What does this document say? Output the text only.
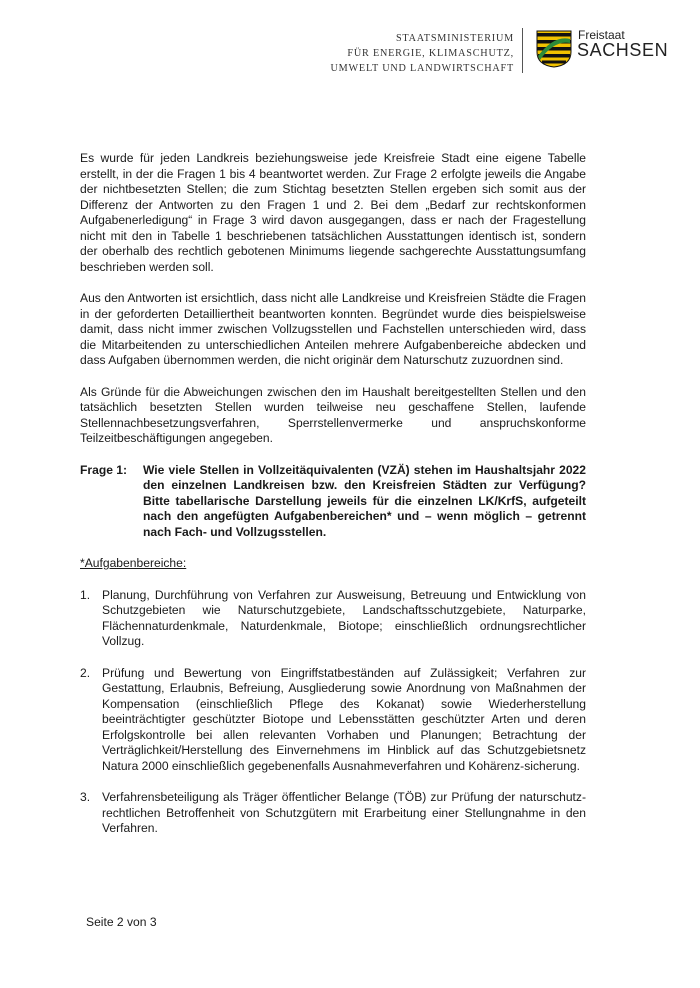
STAATSMINISTERIUM
FÜR ENERGIE, KLIMASCHUTZ,
UMWELT UND LANDWIRTSCHAFT
Freistaat
SACHSEN

Es wurde für jeden Landkreis beziehungsweise jede Kreisfreie Stadt eine eigene Tabelle erstellt, in der die Fragen 1 bis 4 beantwortet werden. Zur Frage 2 erfolgte jeweils die Angabe der nichtbesetzten Stellen; die zum Stichtag besetzten Stellen ergeben sich somit aus der Differenz der Antworten zu den Fragen 1 und 2. Bei dem „Bedarf zur rechtskonformen Aufgabenerledigung“ in Frage 3 wird davon ausgegangen, dass er nach der Fragestellung nicht mit den in Tabelle 1 beschriebenen tatsächlichen Ausstattungen identisch ist, sondern der oberhalb des rechtlich gebotenen Minimums liegende sachgerechte Ausstattungsumfang beschrieben werden soll.

Aus den Antworten ist ersichtlich, dass nicht alle Landkreise und Kreisfreien Städte die Fragen in der geforderten Detailliertheit beantworten konnten. Begründet wurde dies beispielsweise damit, dass nicht immer zwischen Vollzugsstellen und Fachstellen unterschieden wird, dass die Mitarbeitenden zu unterschiedlichen Anteilen mehrere Aufgabenbereiche abdecken und dass Aufgaben übernommen werden, die nicht originär dem Naturschutz zuzuordnen sind.

Als Gründe für die Abweichungen zwischen den im Haushalt bereitgestellten Stellen und den tatsächlich besetzten Stellen wurden teilweise neu geschaffene Stellen, laufende Stellennachbesetzungsverfahren, Sperrstellenvermerke und anspruchskonforme Teilzeitbeschäftigungen angegeben.

Frage 1:	Wie viele Stellen in Vollzeitäquivalenten (VZÄ) stehen im Haushaltsjahr 2022 den einzelnen Landkreisen bzw. den Kreisfreien Städten zur Verfügung? Bitte tabellarische Darstellung jeweils für die einzelnen LK/KrfS, aufgeteilt nach den angefügten Aufgabenbereichen* und – wenn möglich – getrennt nach Fach- und Vollzugsstellen.
*Aufgabenbereiche:
1. Planung, Durchführung von Verfahren zur Ausweisung, Betreuung und Entwicklung von Schutzgebieten wie Naturschutzgebiete, Landschaftsschutzgebiete, Naturparke, Flächennaturdenkmale, Naturdenkmale, Biotope; einschließlich ordnungsrechtlicher Vollzug.
2. Prüfung und Bewertung von Eingriffstatbeständen auf Zulässigkeit; Verfahren zur Gestattung, Erlaubnis, Befreiung, Ausgliederung sowie Anordnung von Maßnahmen der Kompensation (einschließlich Pflege des Kokanat) sowie Wiederherstellung beeinträchtigter geschützter Biotope und Lebensstätten geschützter Arten und deren Erfolgskontrolle bei allen relevanten Vorhaben und Planungen; Betrachtung der Verträglichkeit/Herstellung des Einvernehmens im Hinblick auf das Schutzgebietsnetz Natura 2000 einschließlich gegebenenfalls Ausnahmeverfahren und Kohärenz-sicherung.
3. Verfahrensbeteiligung als Träger öffentlicher Belange (TÖB) zur Prüfung der naturschutz-rechtlichen Betroffenheit von Schutzgütern mit Erarbeitung einer Stellungnahme in den Verfahren.
Seite 2 von 3
